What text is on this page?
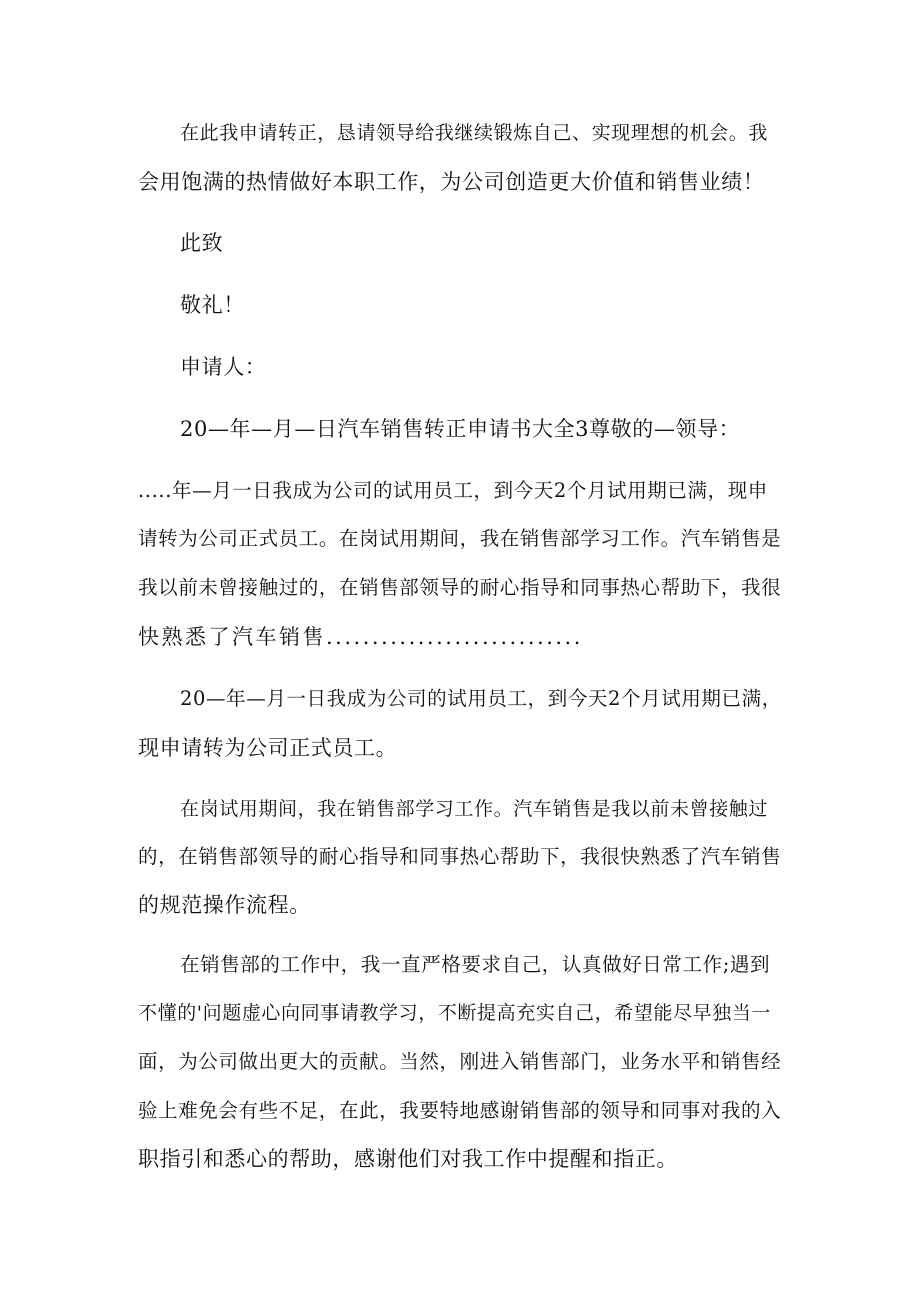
在此我申请转正，恳请领导给我继续锻炼自己、实现理想的机会。我
会用饱满的热情做好本职工作，为公司创造更大价值和销售业绩！
此致
敬礼！
申请人：
20—年—月—日汽车销售转正申请书大全3尊敬的—领导：
.....年—月一日我成为公司的试用员工，到今天2个月试用期已满，现申
请转为公司正式员工。在岗试用期间，我在销售部学习工作。汽车销售是
我以前未曾接触过的，在销售部领导的耐心指导和同事热心帮助下，我很
快熟悉了汽车销售............................
20—年—月一日我成为公司的试用员工，到今天2个月试用期已满，
现申请转为公司正式员工。
在岗试用期间，我在销售部学习工作。汽车销售是我以前未曾接触过
的，在销售部领导的耐心指导和同事热心帮助下，我很快熟悉了汽车销售
的规范操作流程。
在销售部的工作中，我一直严格要求自己，认真做好日常工作;遇到
不懂的'问题虚心向同事请教学习，不断提高充实自己，希望能尽早独当一
面，为公司做出更大的贡献。当然，刚进入销售部门，业务水平和销售经
验上难免会有些不足，在此，我要特地感谢销售部的领导和同事对我的入
职指引和悉心的帮助，感谢他们对我工作中提醒和指正。
